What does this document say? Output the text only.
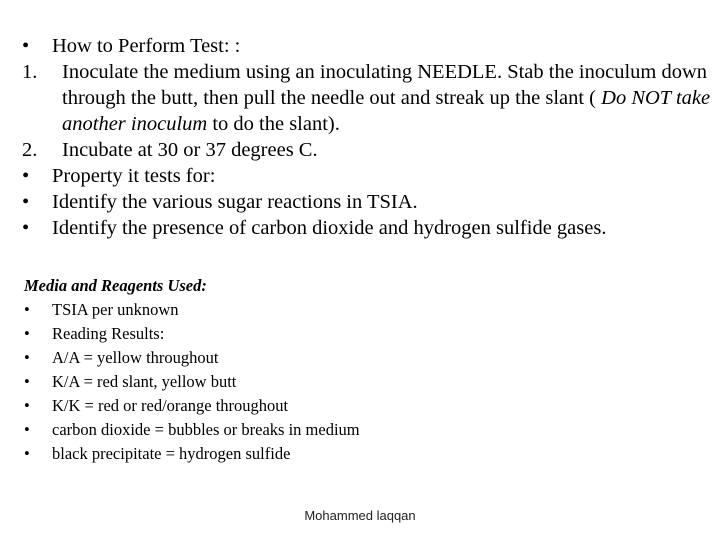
• How to Perform Test: :
1. Inoculate the medium using an inoculating NEEDLE. Stab the inoculum down through the butt, then pull the needle out and streak up the slant ( Do NOT take another inoculum to do the slant).
2. Incubate at 30 or 37 degrees C.
• Property it tests for:
• Identify the various sugar reactions in TSIA.
• Identify the presence of carbon dioxide and hydrogen sulfide gases.
Media and Reagents Used:
• TSIA per unknown
• Reading Results:
• A/A = yellow throughout
• K/A = red slant, yellow butt
• K/K = red or red/orange throughout
• carbon dioxide = bubbles or breaks in medium
• black precipitate = hydrogen sulfide
Mohammed laqqan
